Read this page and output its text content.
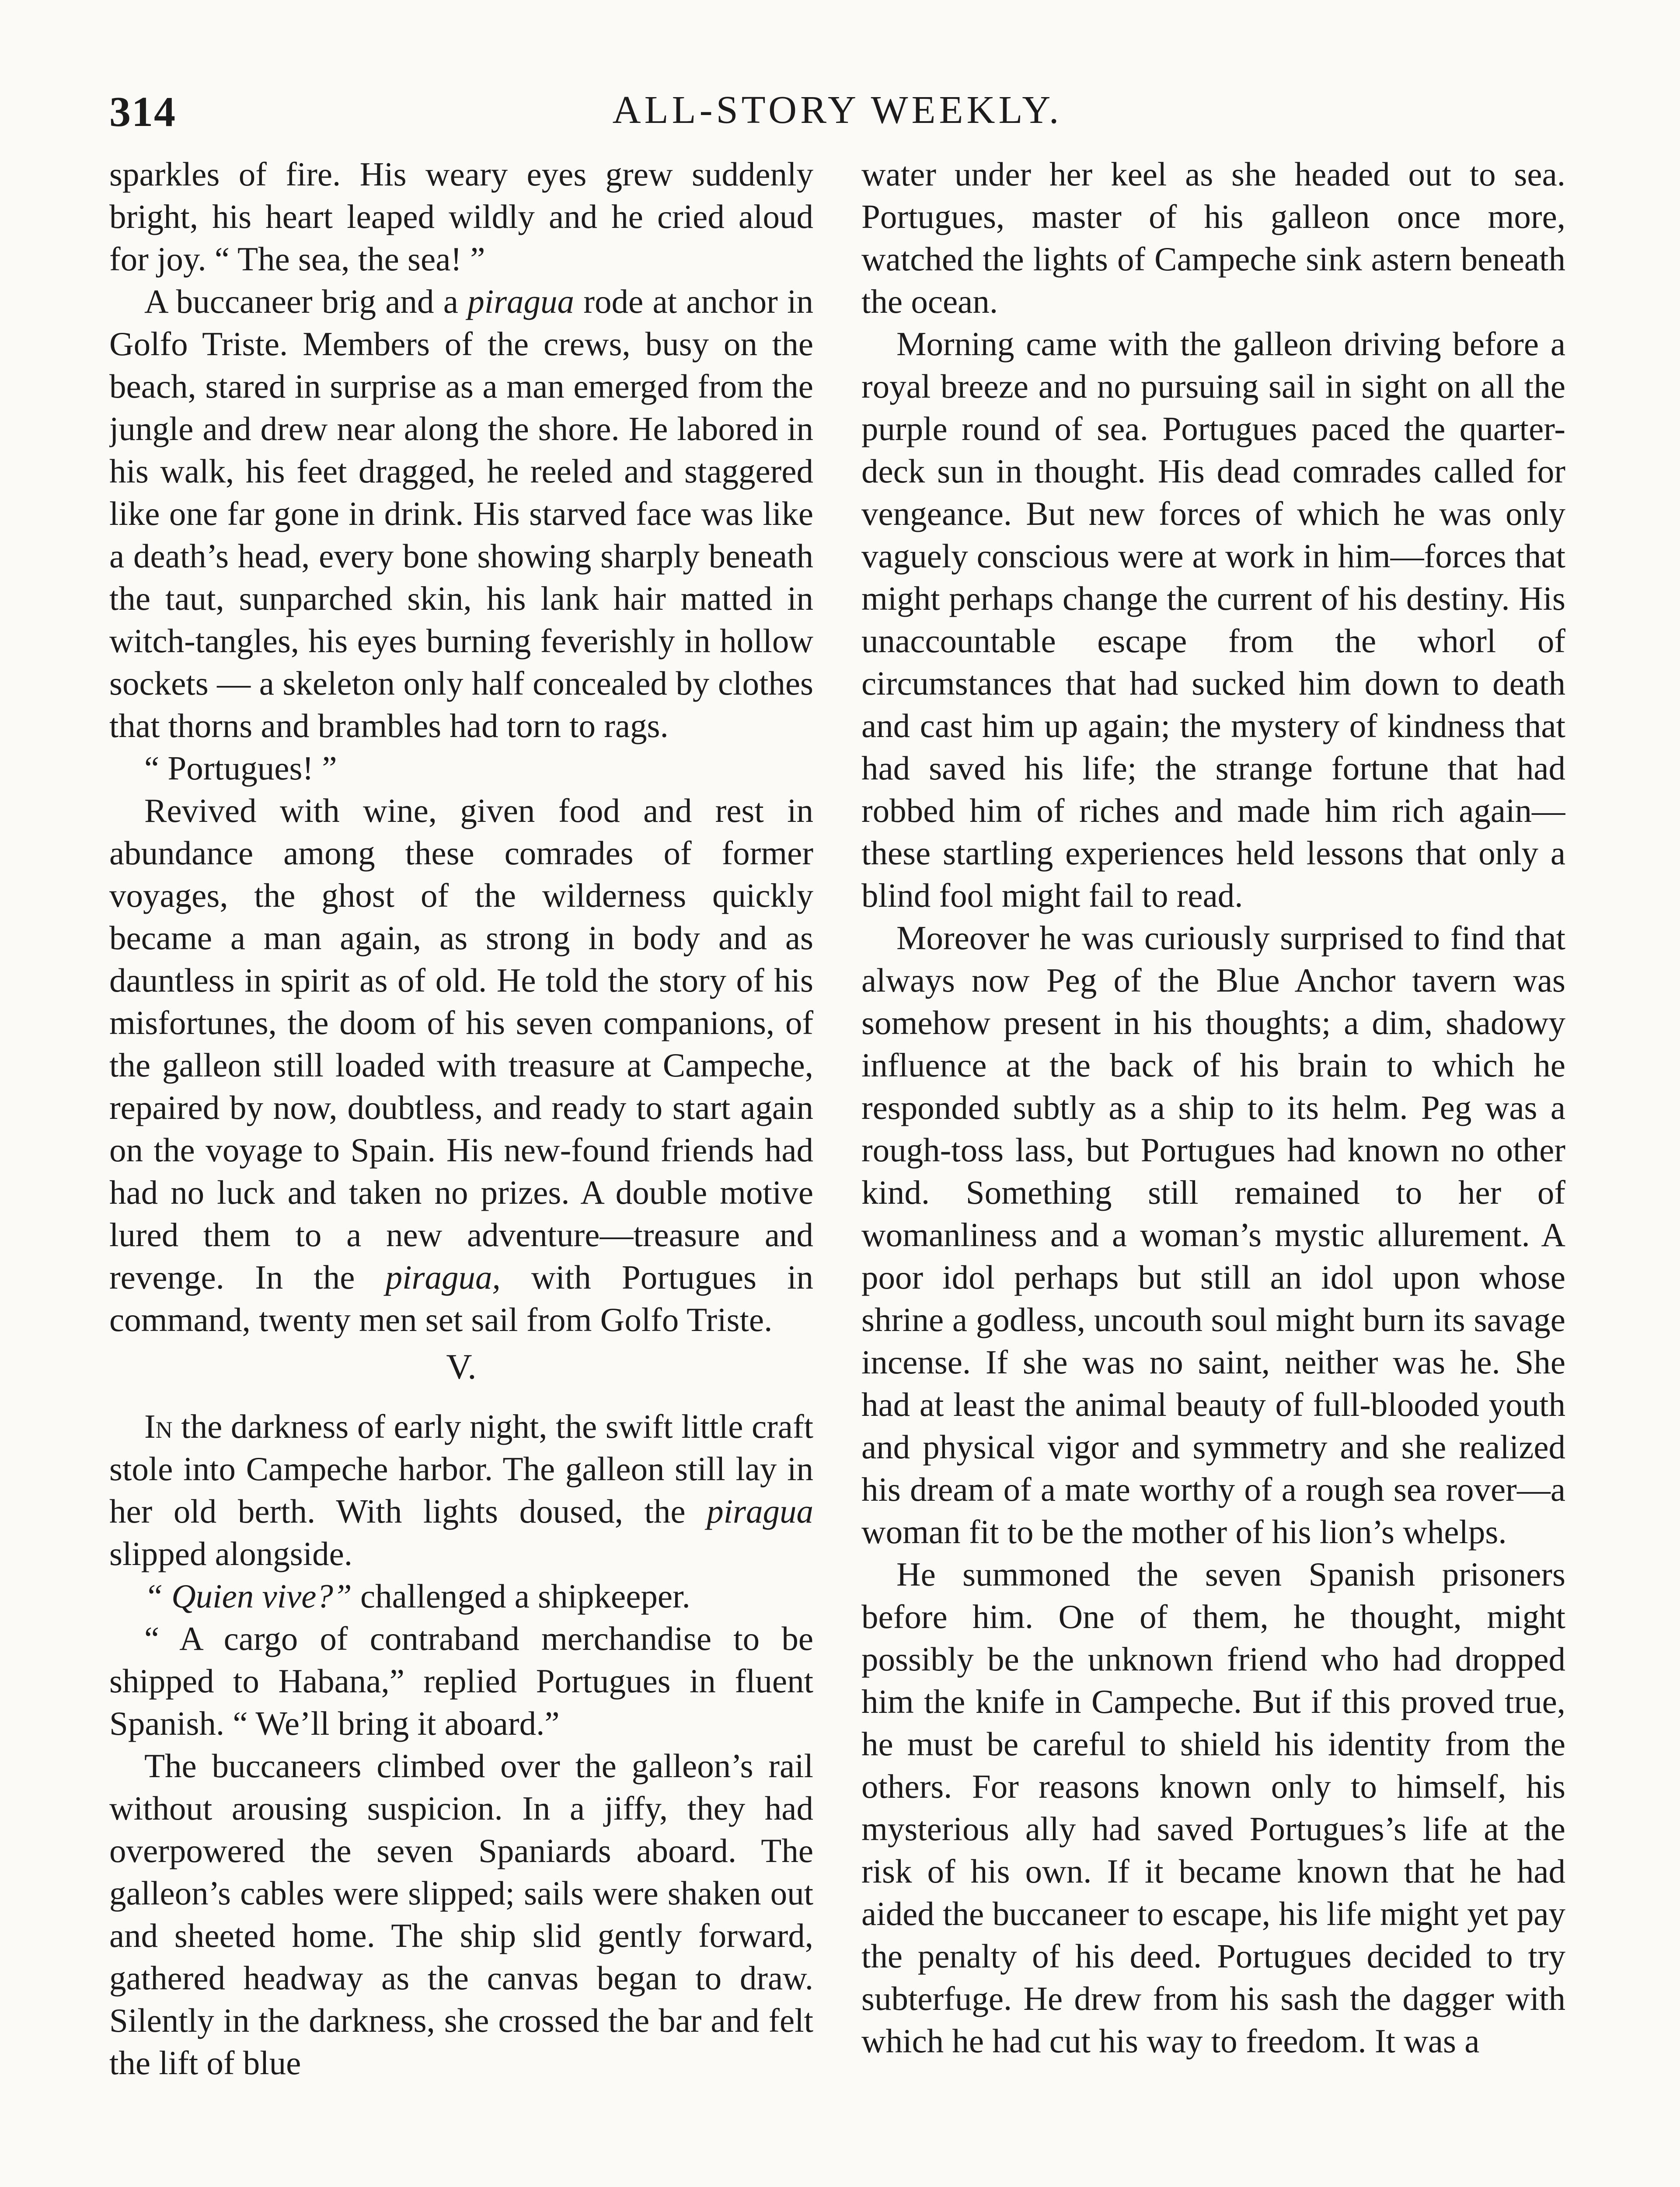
314	ALL-STORY WEEKLY.

sparkles of fire. His weary eyes grew suddenly bright, his heart leaped wildly and he cried aloud for joy. “ The sea, the sea! ”

A buccaneer brig and a piragua rode at anchor in Golfo Triste. Members of the crews, busy on the beach, stared in surprise as a man emerged from the jungle and drew near along the shore. He labored in his walk, his feet dragged, he reeled and staggered like one far gone in drink. His starved face was like a death’s head, every bone showing sharply beneath the taut, sunparched skin, his lank hair matted in witch-tangles, his eyes burning feverishly in hollow sockets — a skeleton only half concealed by clothes that thorns and brambles had torn to rags.

“ Portugues! ”

Revived with wine, given food and rest in abundance among these comrades of former voyages, the ghost of the wilderness quickly became a man again, as strong in body and as dauntless in spirit as of old. He told the story of his misfortunes, the doom of his seven companions, of the galleon still loaded with treasure at Campeche, repaired by now, doubtless, and ready to start again on the voyage to Spain. His new-found friends had had no luck and taken no prizes. A double motive lured them to a new adventure—treasure and revenge. In the piragua, with Portugues in command, twenty men set sail from Golfo Triste.

V.

In the darkness of early night, the swift little craft stole into Campeche harbor. The galleon still lay in her old berth. With lights doused, the piragua slipped alongside.

“ Quien vive?” challenged a shipkeeper.

“ A cargo of contraband merchandise to be shipped to Habana,” replied Portugues in fluent Spanish. “ We’ll bring it aboard.”

The buccaneers climbed over the galleon’s rail without arousing suspicion. In a jiffy, they had overpowered the seven Spaniards aboard. The galleon’s cables were slipped; sails were shaken out and sheeted home. The ship slid gently forward, gathered headway as the canvas began to draw. Silently in the darkness, she crossed the bar and felt the lift of blue

water under her keel as she headed out to sea. Portugues, master of his galleon once more, watched the lights of Campeche sink astern beneath the ocean.

Morning came with the galleon driving before a royal breeze and no pursuing sail in sight on all the purple round of sea. Portugues paced the quarter-deck sun in thought. His dead comrades called for vengeance. But new forces of which he was only vaguely conscious were at work in him—forces that might perhaps change the current of his destiny. His unaccountable escape from the whorl of circumstances that had sucked him down to death and cast him up again; the mystery of kindness that had saved his life; the strange fortune that had robbed him of riches and made him rich again—these startling experiences held lessons that only a blind fool might fail to read.

Moreover he was curiously surprised to find that always now Peg of the Blue Anchor tavern was somehow present in his thoughts; a dim, shadowy influence at the back of his brain to which he responded subtly as a ship to its helm. Peg was a rough-toss lass, but Portugues had known no other kind. Something still remained to her of womanliness and a woman’s mystic allurement. A poor idol perhaps but still an idol upon whose shrine a godless, uncouth soul might burn its savage incense. If she was no saint, neither was he. She had at least the animal beauty of full-blooded youth and physical vigor and symmetry and she realized his dream of a mate worthy of a rough sea rover—a woman fit to be the mother of his lion’s whelps.

He summoned the seven Spanish prisoners before him. One of them, he thought, might possibly be the unknown friend who had dropped him the knife in Campeche. But if this proved true, he must be careful to shield his identity from the others. For reasons known only to himself, his mysterious ally had saved Portugues’s life at the risk of his own. If it became known that he had aided the buccaneer to escape, his life might yet pay the penalty of his deed. Portugues decided to try subterfuge. He drew from his sash the dagger with which he had cut his way to freedom. It was a
